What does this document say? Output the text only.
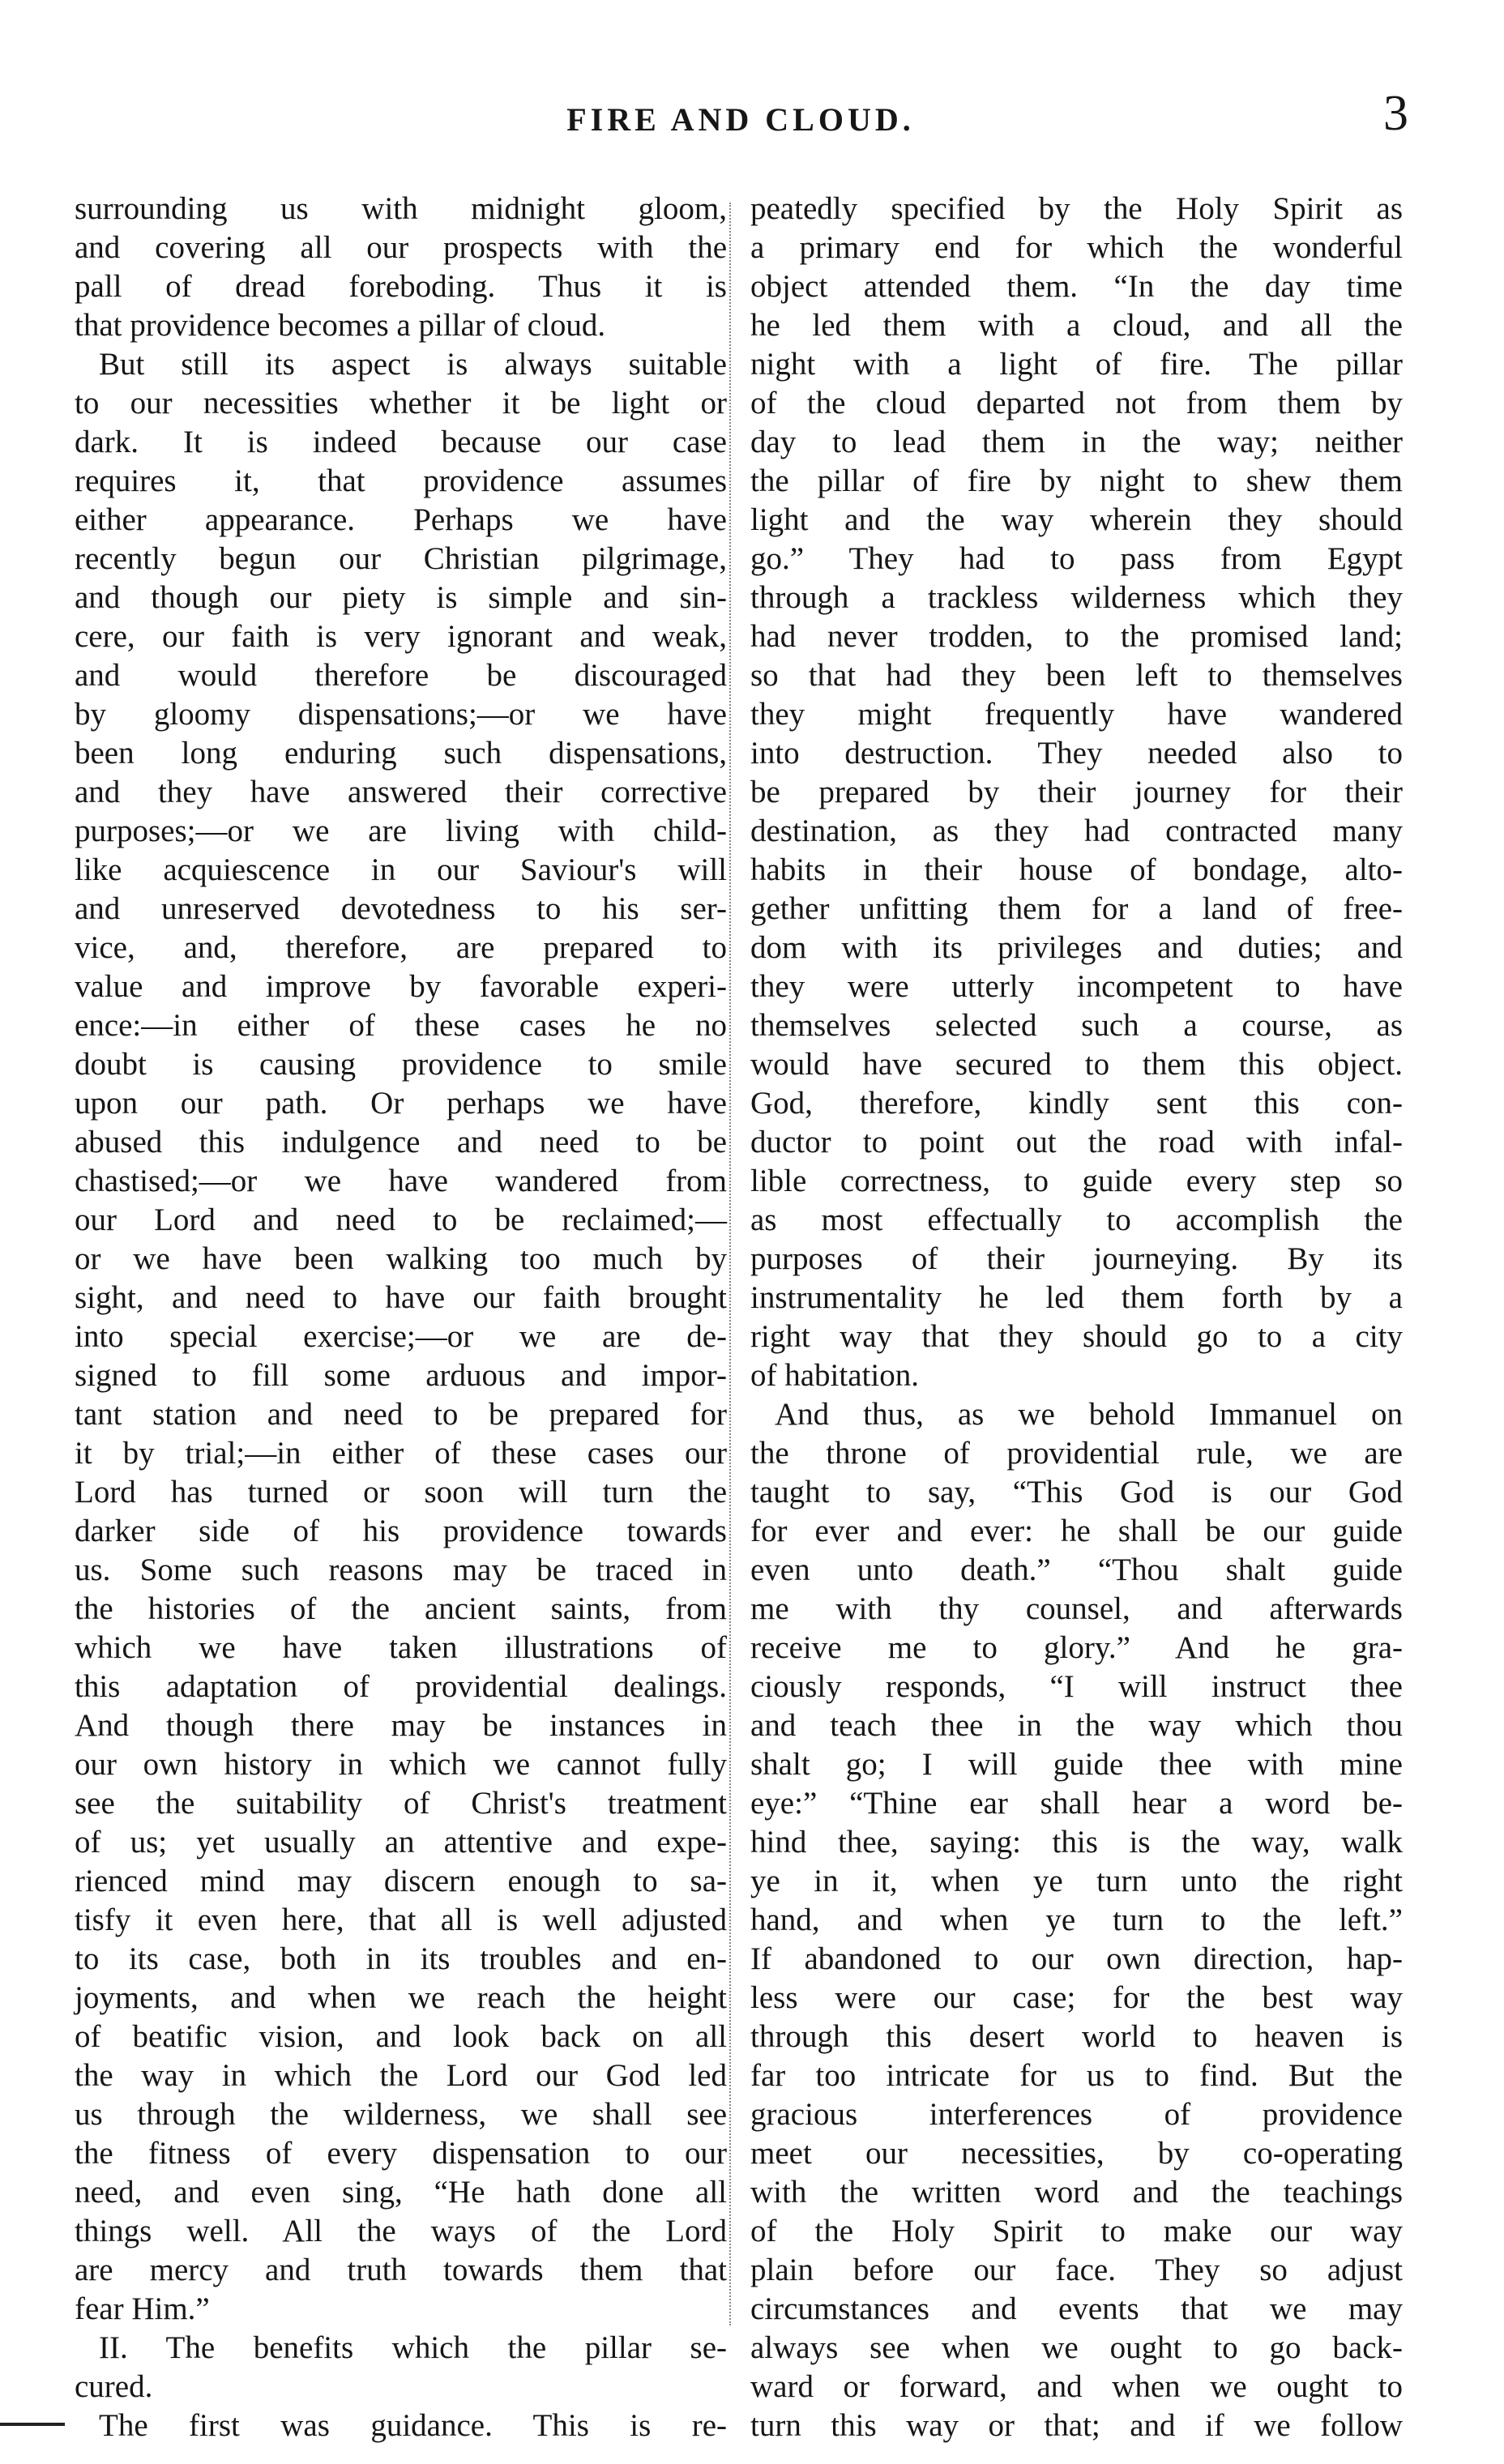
FIRE AND CLOUD.	3
surrounding us with midnight gloom,
and covering all our prospects with the
pall of dread foreboding. Thus it is
that providence becomes a pillar of cloud.
But still its aspect is always suitable
to our necessities whether it be light or
dark. It is indeed because our case
requires it, that providence assumes
either appearance. Perhaps we have
recently begun our Christian pilgrimage,
and though our piety is simple and sin-
cere, our faith is very ignorant and weak,
and would therefore be discouraged
by gloomy dispensations;—or we have
been long enduring such dispensations,
and they have answered their corrective
purposes;—or we are living with child-
like acquiescence in our Saviour's will
and unreserved devotedness to his ser-
vice, and, therefore, are prepared to
value and improve by favorable experi-
ence:—in either of these cases he no
doubt is causing providence to smile
upon our path. Or perhaps we have
abused this indulgence and need to be
chastised;—or we have wandered from
our Lord and need to be reclaimed;—
or we have been walking too much by
sight, and need to have our faith brought
into special exercise;—or we are de-
signed to fill some arduous and impor-
tant station and need to be prepared for
it by trial;—in either of these cases our
Lord has turned or soon will turn the
darker side of his providence towards
us. Some such reasons may be traced in
the histories of the ancient saints, from
which we have taken illustrations of
this adaptation of providential dealings.
And though there may be instances in
our own history in which we cannot fully
see the suitability of Christ's treatment
of us; yet usually an attentive and expe-
rienced mind may discern enough to sa-
tisfy it even here, that all is well adjusted
to its case, both in its troubles and en-
joyments, and when we reach the height
of beatific vision, and look back on all
the way in which the Lord our God led
us through the wilderness, we shall see
the fitness of every dispensation to our
need, and even sing, “He hath done all
things well. All the ways of the Lord
are mercy and truth towards them that
fear Him.”
II. The benefits which the pillar se-
cured.
The first was guidance. This is re-
peatedly specified by the Holy Spirit as
a primary end for which the wonderful
object attended them. “In the day time
he led them with a cloud, and all the
night with a light of fire. The pillar
of the cloud departed not from them by
day to lead them in the way; neither
the pillar of fire by night to shew them
light and the way wherein they should
go.” They had to pass from Egypt
through a trackless wilderness which they
had never trodden, to the promised land;
so that had they been left to themselves
they might frequently have wandered
into destruction. They needed also to
be prepared by their journey for their
destination, as they had contracted many
habits in their house of bondage, alto-
gether unfitting them for a land of free-
dom with its privileges and duties; and
they were utterly incompetent to have
themselves selected such a course, as
would have secured to them this object.
God, therefore, kindly sent this con-
ductor to point out the road with infal-
lible correctness, to guide every step so
as most effectually to accomplish the
purposes of their journeying. By its
instrumentality he led them forth by a
right way that they should go to a city
of habitation.
And thus, as we behold Immanuel on
the throne of providential rule, we are
taught to say, “This God is our God
for ever and ever: he shall be our guide
even unto death.” “Thou shalt guide
me with thy counsel, and afterwards
receive me to glory.” And he gra-
ciously responds, “I will instruct thee
and teach thee in the way which thou
shalt go; I will guide thee with mine
eye:” “Thine ear shall hear a word be-
hind thee, saying: this is the way, walk
ye in it, when ye turn unto the right
hand, and when ye turn to the left.”
If abandoned to our own direction, hap-
less were our case; for the best way
through this desert world to heaven is
far too intricate for us to find. But the
gracious interferences of providence
meet our necessities, by co-operating
with the written word and the teachings
of the Holy Spirit to make our way
plain before our face. They so adjust
circumstances and events that we may
always see when we ought to go back-
ward or forward, and when we ought to
turn this way or that; and if we follow
